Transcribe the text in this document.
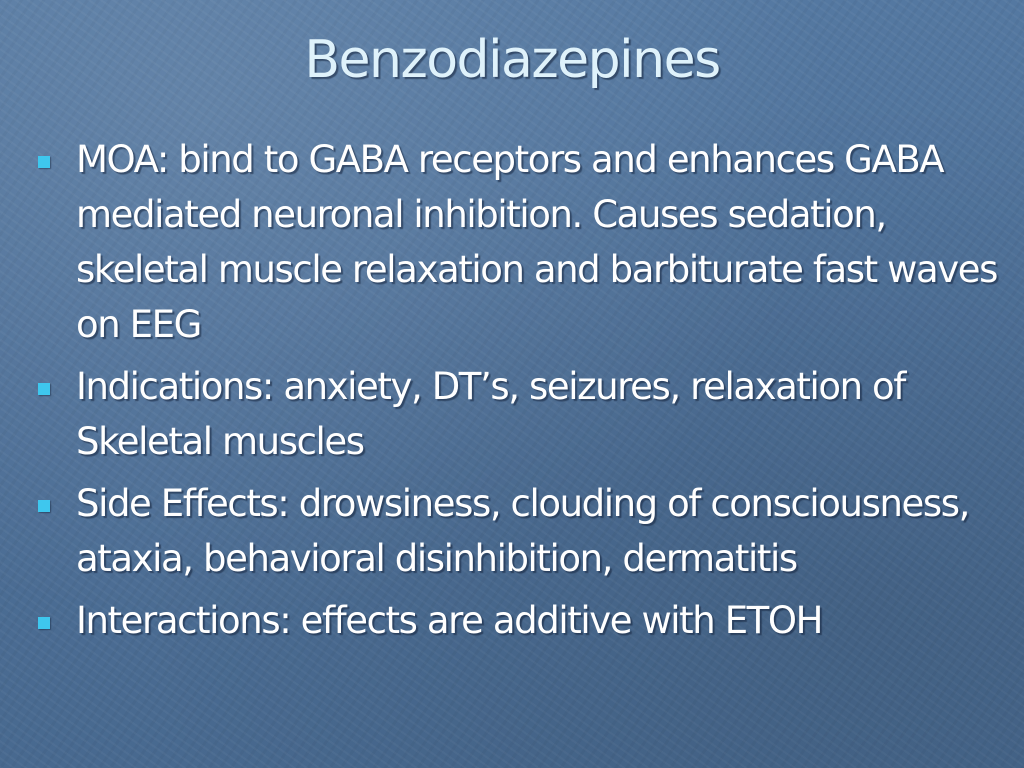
Benzodiazepines
MOA: bind to GABA receptors and enhances GABA mediated neuronal inhibition. Causes sedation, skeletal muscle relaxation and barbiturate fast waves on EEG
Indications: anxiety, DT’s, seizures, relaxation of Skeletal muscles
Side Effects: drowsiness, clouding of consciousness, ataxia, behavioral disinhibition, dermatitis
Interactions: effects are additive with ETOH
